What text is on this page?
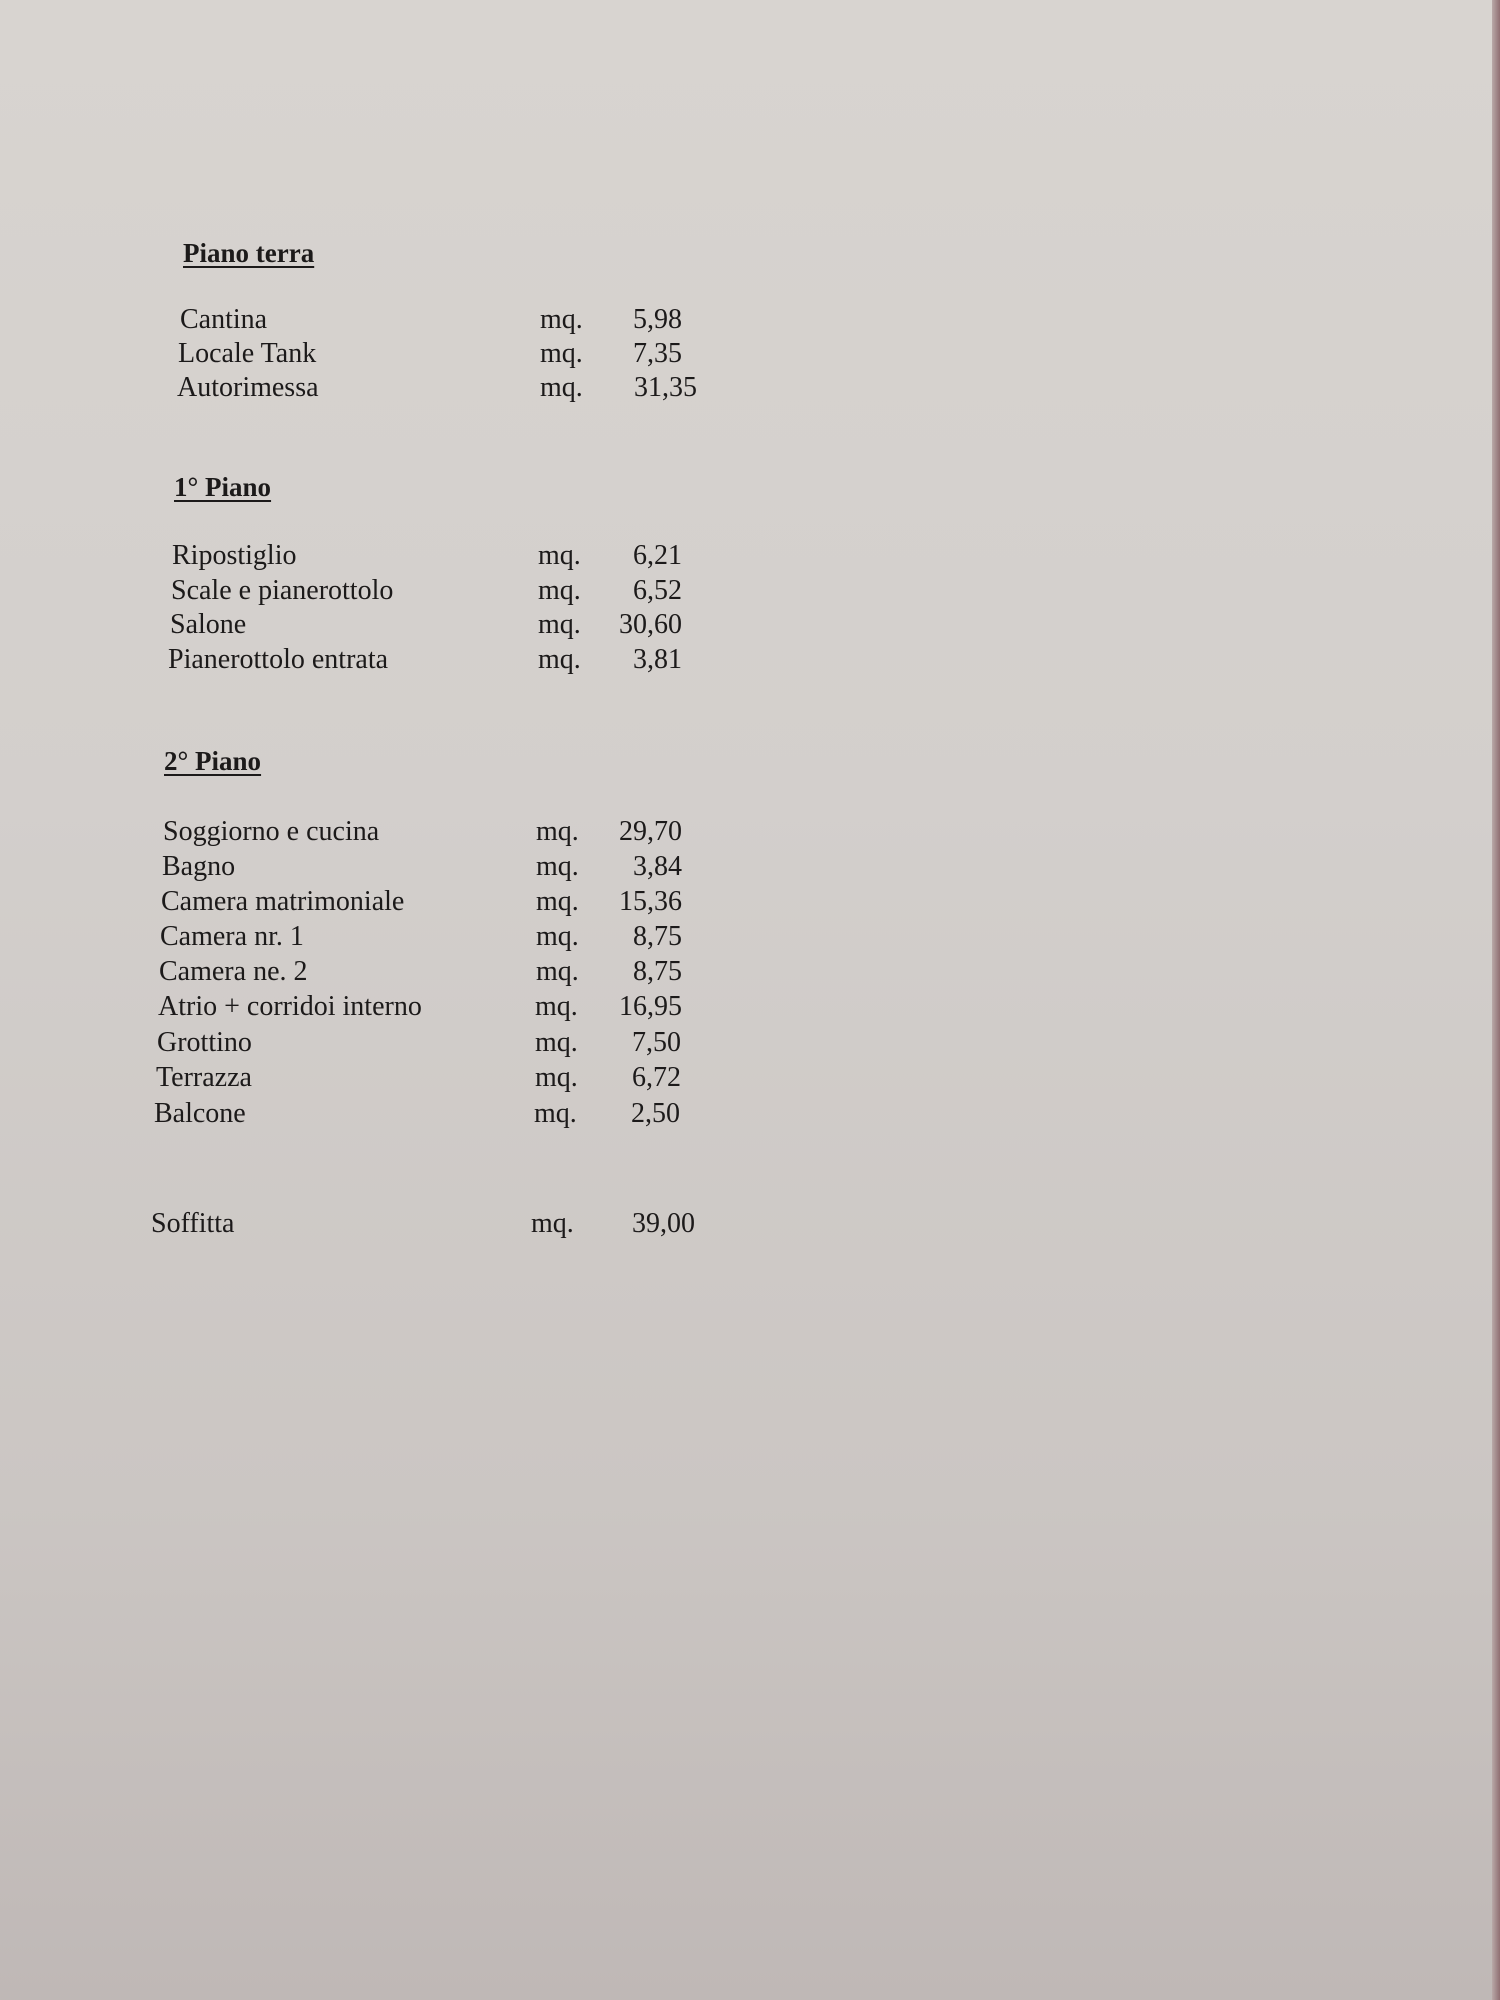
Piano terra
Cantina	mq.	5,98
Locale Tank	mq.	7,35
Autorimessa	mq.	31,35
1° Piano
Ripostiglio	mq.	6,21
Scale e pianerottolo	mq.	6,52
Salone	mq.	30,60
Pianerottolo entrata	mq.	3,81
2° Piano
Soggiorno e cucina	mq.	29,70
Bagno	mq.	3,84
Camera matrimoniale	mq.	15,36
Camera nr. 1	mq.	8,75
Camera ne. 2	mq.	8,75
Atrio + corridoi interno	mq.	16,95
Grottino	mq.	7,50
Terrazza	mq.	6,72
Balcone	mq.	2,50
Soffitta	mq.	39,00
